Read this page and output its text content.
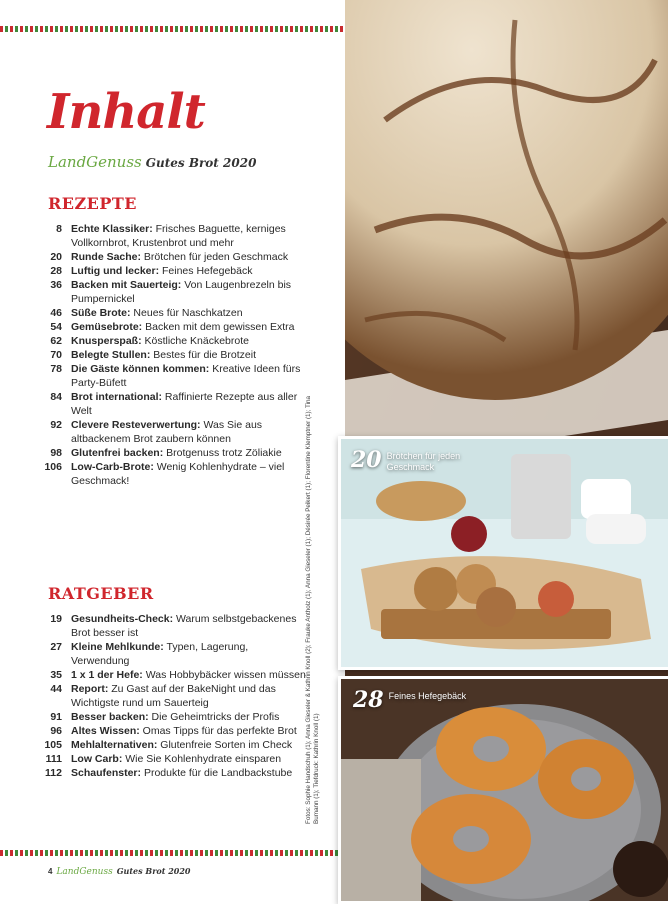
Inhalt
LandGenuss Gutes Brot 2020
REZEPTE
8 Echte Klassiker: Frisches Baguette, kerniges Vollkornbrot, Krustenbrot und mehr
20 Runde Sache: Brötchen für jeden Geschmack
28 Luftig und lecker: Feines Hefegebäck
36 Backen mit Sauerteig: Von Laugenbrezeln bis Pumpernickel
46 Süße Brote: Neues für Naschkatzen
54 Gemüsebrote: Backen mit dem gewissen Extra
62 Knusperspaß: Köstliche Knäckebrote
70 Belegte Stullen: Bestes für die Brotzeit
78 Die Gäste können kommen: Kreative Ideen fürs Party-Büfett
84 Brot international: Raffinierte Rezepte aus aller Welt
92 Clevere Resteverwertung: Was Sie aus altbackenem Brot zaubern können
98 Glutenfrei backen: Brotgenuss trotz Zöliakie
106 Low-Carb-Brote: Wenig Kohlenhydrate – viel Geschmack!
RATGEBER
19 Gesundheits-Check: Warum selbstgebackenes Brot besser ist
27 Kleine Mehlkunde: Typen, Lagerung, Verwendung
35 1 x 1 der Hefe: Was Hobbybäcker wissen müssen
44 Report: Zu Gast auf der BakeNight und das Wichtigste rund um Sauerteig
91 Besser backen: Die Geheimtricks der Profis
96 Altes Wissen: Omas Tipps für das perfekte Brot
105 Mehlalternativen: Glutenfreie Sorten im Check
111 Low Carb: Wie Sie Kohlenhydrate einsparen
112 Schaufenster: Produkte für die Landbackstube	Fotos: Sophie Handschuh (1); Anna Gieseler & Kathrin Knoll (2); Frauke Antholz (1); Anna Gieseler (1); Désirée Peikert (1); Florentine Klemptner (1); Tina Bumann (1); Tiefdruck: Kathrin Knoll (1)
4 LandGenuss Gutes Brot 2020
20 Brötchen für jeden Geschmack
28 Feines Hefegebäck
